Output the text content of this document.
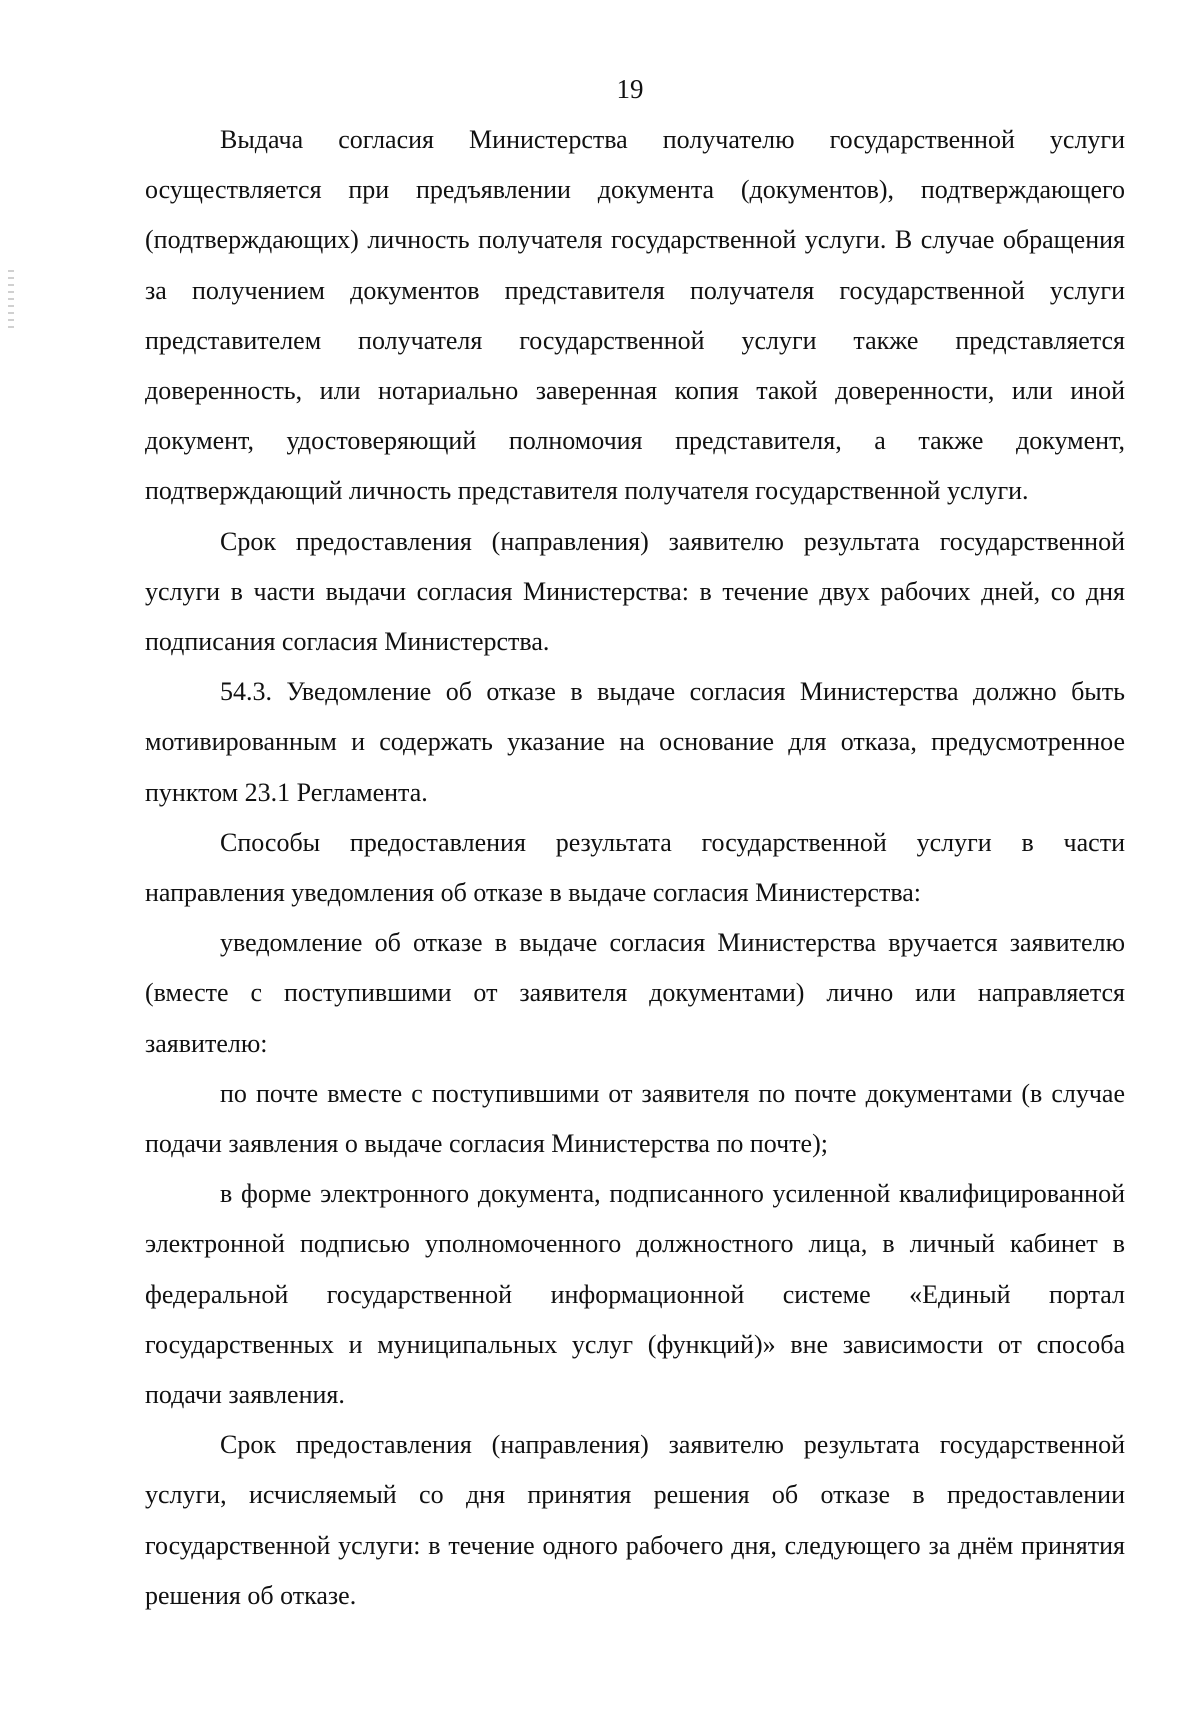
19

Выдача согласия Министерства получателю государственной услуги осуществляется при предъявлении документа (документов), подтверждающего (подтверждающих) личность получателя государственной услуги. В случае обращения за получением документов представителя получателя государственной услуги представителем получателя государственной услуги также представляется доверенность, или нотариально заверенная копия такой доверенности, или иной документ, удостоверяющий полномочия представителя, а также документ, подтверждающий личность представителя получателя государственной услуги.

Срок предоставления (направления) заявителю результата государственной услуги в части выдачи согласия Министерства: в течение двух рабочих дней, со дня подписания согласия Министерства.

54.3. Уведомление об отказе в выдаче согласия Министерства должно быть мотивированным и содержать указание на основание для отказа, предусмотренное пунктом 23.1 Регламента.

Способы предоставления результата государственной услуги в части направления уведомления об отказе в выдаче согласия Министерства:

уведомление об отказе в выдаче согласия Министерства вручается заявителю (вместе с поступившими от заявителя документами) лично или направляется заявителю:

по почте вместе с поступившими от заявителя по почте документами (в случае подачи заявления о выдаче согласия Министерства по почте);

в форме электронного документа, подписанного усиленной квалифицированной электронной подписью уполномоченного должностного лица, в личный кабинет в федеральной государственной информационной системе «Единый портал государственных и муниципальных услуг (функций)» вне зависимости от способа подачи заявления.

Срок предоставления (направления) заявителю результата государственной услуги, исчисляемый со дня принятия решения об отказе в предоставлении государственной услуги: в течение одного рабочего дня, следующего за днём принятия решения об отказе.
